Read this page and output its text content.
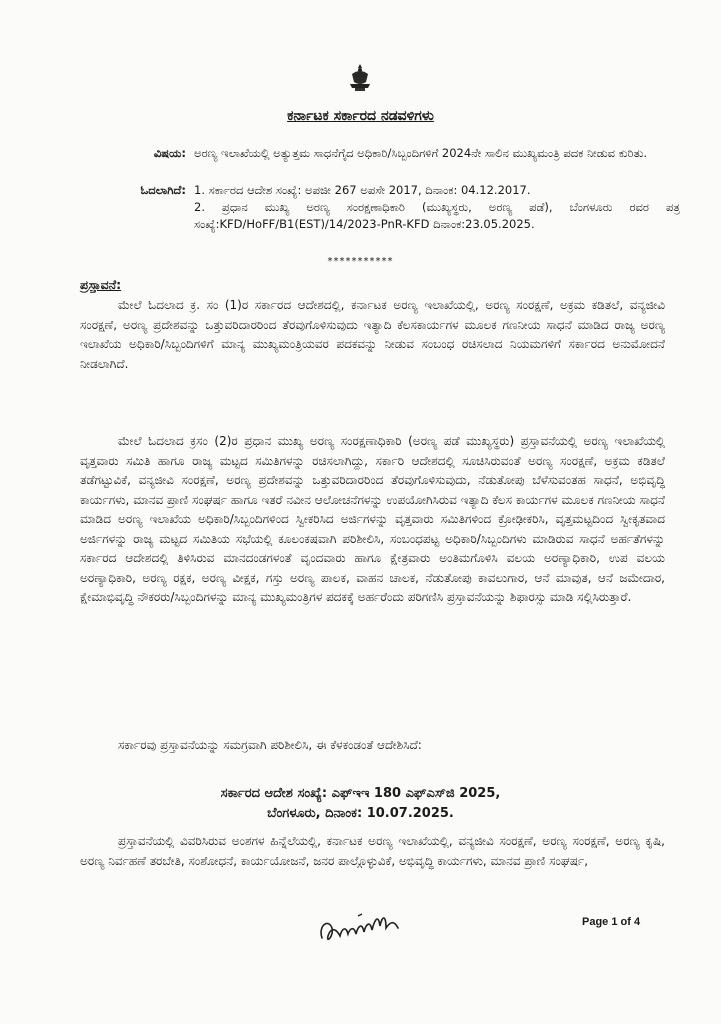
ಕರ್ನಾಟಕ ಸರ್ಕಾರದ ನಡವಳಿಗಳು
ವಿಷಯ: ಅರಣ್ಯ ಇಲಾಖೆಯಲ್ಲಿ ಅತ್ಯುತ್ತಮ ಸಾಧನೆಗೈದ ಅಧಿಕಾರಿ/ಸಿಬ್ಬಂದಿಗಳಿಗೆ 2024ನೇ ಸಾಲಿನ ಮುಖ್ಯಮಂತ್ರಿ ಪದಕ ನೀಡುವ ಕುರಿತು.
ಓದಲಾಗಿದೆ: 1. ಸರ್ಕಾರದ ಆದೇಶ ಸಂಖ್ಯೆ: ಅಪಜೀ 267 ಅಪಸೇ 2017, ದಿನಾಂಕ: 04.12.2017.
2. ಪ್ರಧಾನ ಮುಖ್ಯ ಅರಣ್ಯ ಸಂರಕ್ಷಣಾಧಿಕಾರಿ (ಮುಖ್ಯಸ್ಥರು, ಅರಣ್ಯ ಪಡೆ), ಬೆಂಗಳೂರು ರವರ ಪತ್ರ ಸಂಖ್ಯೆ:KFD/HoFF/B1(EST)/14/2023-PnR-KFD ದಿನಾಂಕ:23.05.2025.
***********
ಪ್ರಸ್ತಾವನೆ:
ಮೇಲೆ ಓದಲಾದ ಕ್ರ. ಸಂ (1)ರ ಸರ್ಕಾರದ ಆದೇಶದಲ್ಲಿ, ಕರ್ನಾಟಕ ಅರಣ್ಯ ಇಲಾಖೆಯಲ್ಲಿ, ಅರಣ್ಯ ಸಂರಕ್ಷಣೆ, ಅಕ್ರಮ ಕಡಿತಲೆ, ವನ್ಯಜೀವಿ ಸಂರಕ್ಷಣೆ, ಅರಣ್ಯ ಪ್ರದೇಶವನ್ನು ಒತ್ತುವರಿದಾರರಿಂದ ತೆರವುಗೊಳಿಸುವುದು ಇತ್ಯಾದಿ ಕೆಲಸಕಾರ್ಯಗಳ ಮೂಲಕ ಗಣನೀಯ ಸಾಧನೆ ಮಾಡಿದ ರಾಜ್ಯ ಅರಣ್ಯ ಇಲಾಖೆಯ ಅಧಿಕಾರಿ/ಸಿಬ್ಬಂದಿಗಳಿಗೆ ಮಾನ್ಯ ಮುಖ್ಯಮಂತ್ರಿಯವರ ಪದಕವನ್ನು ನೀಡುವ ಸಂಬಂಧ ರಚಿಸಲಾದ ನಿಯಮಗಳಿಗೆ ಸರ್ಕಾರದ ಅನುಮೋದನೆ ನೀಡಲಾಗಿದೆ.
ಮೇಲೆ ಓದಲಾದ ಕ್ರಸಂ (2)ರ ಪ್ರಧಾನ ಮುಖ್ಯ ಅರಣ್ಯ ಸಂರಕ್ಷಣಾಧಿಕಾರಿ (ಅರಣ್ಯ ಪಡೆ ಮುಖ್ಯಸ್ಥರು) ಪ್ರಸ್ತಾವನೆಯಲ್ಲಿ ಅರಣ್ಯ ಇಲಾಖೆಯಲ್ಲಿ ವೃತ್ತವಾರು ಸಮಿತಿ ಹಾಗೂ ರಾಜ್ಯ ಮಟ್ಟದ ಸಮಿತಿಗಳನ್ನು ರಚಿಸಲಾಗಿದ್ದು, ಸರ್ಕಾರಿ ಆದೇಶದಲ್ಲಿ ಸೂಚಿಸಿರುವಂತೆ ಅರಣ್ಯ ಸಂರಕ್ಷಣೆ, ಅಕ್ರಮ ಕಡಿತಲೆ ತಡೆಗಟ್ಟುವಿಕೆ, ವನ್ಯಜೀವಿ ಸಂರಕ್ಷಣೆ, ಅರಣ್ಯ ಪ್ರದೇಶವನ್ನು ಒತ್ತುವರಿದಾರರಿಂದ ತೆರವುಗೊಳಿಸುವುದು, ನೆಡುತೋಪು ಬೆಳೆಸುವಂತಹ ಸಾಧನೆ, ಅಭಿವೃದ್ಧಿ ಕಾರ್ಯಗಳು, ಮಾನವ ಪ್ರಾಣಿ ಸಂಘರ್ಷ ಹಾಗೂ ಇತರೆ ನವೀನ ಆಲೋಚನೆಗಳನ್ನು ಉಪಯೋಗಿಸಿರುವ ಇತ್ಯಾದಿ ಕೆಲಸ ಕಾರ್ಯಗಳ ಮೂಲಕ ಗಣನೀಯ ಸಾಧನೆ ಮಾಡಿದ ಅರಣ್ಯ ಇಲಾಖೆಯ ಅಧಿಕಾರಿ/ಸಿಬ್ಬಂದಿಗಳಿಂದ ಸ್ವೀಕರಿಸಿದ ಅರ್ಜಿಗಳನ್ನು ವೃತ್ತವಾರು ಸಮಿತಿಗಳಿಂದ ಕ್ರೋಢೀಕರಿಸಿ, ವೃತ್ತಮಟ್ಟದಿಂದ ಸ್ವೀಕೃತವಾದ ಅರ್ಜಿಗಳನ್ನು ರಾಜ್ಯ ಮಟ್ಟದ ಸಮಿತಿಯ ಸಭೆಯಲ್ಲಿ ಕೂಲಂಕಷವಾಗಿ ಪರಿಶೀಲಿಸಿ, ಸಂಬಂಧಪಟ್ಟ ಅಧಿಕಾರಿ/ಸಿಬ್ಬಂದಿಗಳು ಮಾಡಿರುವ ಸಾಧನೆ ಅರ್ಹತೆಗಳನ್ನು ಸರ್ಕಾರದ ಆದೇಶದಲ್ಲಿ ತಿಳಿಸಿರುವ ಮಾನದಂಡಗಳಂತೆ ವೃಂದವಾರು ಹಾಗೂ ಕ್ಷೇತ್ರವಾರು ಅಂತಿಮಗೊಳಿಸಿ ವಲಯ ಅರಣ್ಯಾಧಿಕಾರಿ, ಉಪ ವಲಯ ಅರಣ್ಯಾಧಿಕಾರಿ, ಅರಣ್ಯ ರಕ್ಷಕ, ಅರಣ್ಯ ವೀಕ್ಷಕ, ಗಸ್ತು ಅರಣ್ಯ ಪಾಲಕ, ವಾಹನ ಚಾಲಕ, ನೆಡುತೋಪು ಕಾವಲುಗಾರ, ಆನೆ ಮಾವುತ, ಆನೆ ಜಮೇದಾರ, ಕ್ಷೇಮಾಭಿವೃದ್ಧಿ ನೌಕರರು/ಸಿಬ್ಬಂದಿಗಳನ್ನು ಮಾನ್ಯ ಮುಖ್ಯಮಂತ್ರಿಗಳ ಪದಕಕ್ಕೆ ಅರ್ಹರೆಂದು ಪರಿಗಣಿಸಿ ಪ್ರಸ್ತಾವನೆಯನ್ನು ಶಿಫಾರಸ್ಸು ಮಾಡಿ ಸಲ್ಲಿಸಿರುತ್ತಾರೆ.
ಸರ್ಕಾರವು ಪ್ರಸ್ತಾವನೆಯನ್ನು ಸಮಗ್ರವಾಗಿ ಪರಿಶೀಲಿಸಿ, ಈ ಕೆಳಕಂಡಂತೆ ಆದೇಶಿಸಿದೆ:
ಸರ್ಕಾರದ ಆದೇಶ ಸಂಖ್ಯೆ: ಎಫ್‌ಇಇ 180 ಎಫ್‌ಎಸ್‌ಜಿ 2025,
ಬೆಂಗಳೂರು, ದಿನಾಂಕ: 10.07.2025.
ಪ್ರಸ್ತಾವನೆಯಲ್ಲಿ ವಿವರಿಸಿರುವ ಅಂಶಗಳ ಹಿನ್ನೆಲೆಯಲ್ಲಿ, ಕರ್ನಾಟಕ ಅರಣ್ಯ ಇಲಾಖೆಯಲ್ಲಿ, ವನ್ಯಜೀವಿ ಸಂರಕ್ಷಣೆ, ಅರಣ್ಯ ಸಂರಕ್ಷಣೆ, ಅರಣ್ಯ ಕೃಷಿ, ಅರಣ್ಯ ನಿರ್ವಹಣೆ ತರಬೇತಿ, ಸಂಶೋಧನೆ, ಕಾರ್ಯಯೋಜನೆ, ಜನರ ಪಾಲ್ಗೊಳ್ಳುವಿಕೆ, ಅಭಿವೃದ್ಧಿ ಕಾರ್ಯಗಳು, ಮಾನವ ಪ್ರಾಣಿ ಸಂಘರ್ಷ,
Page 1 of 4
